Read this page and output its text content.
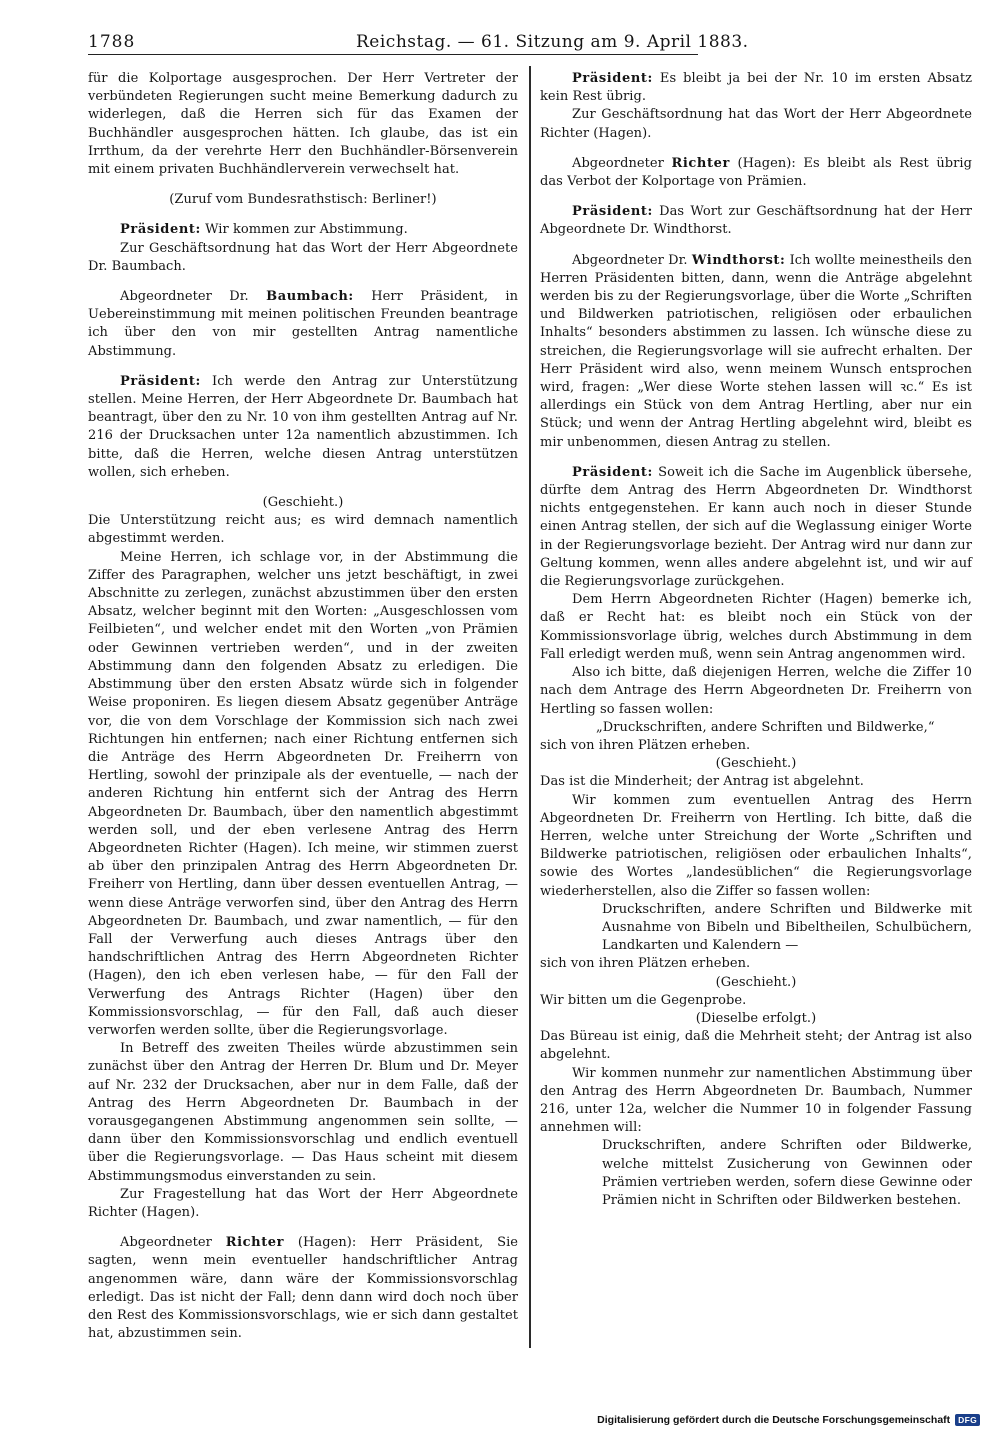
1788	Reichstag. — 61. Sitzung am 9. April 1883.

für die Kolportage ausgesprochen. Der Herr Vertreter der verbündeten Regierungen sucht meine Bemerkung dadurch zu widerlegen, daß die Herren sich für das Examen der Buchhändler ausgesprochen hätten. Ich glaube, das ist ein Irrthum, da der verehrte Herr den Buchhändler-Börsenverein mit einem privaten Buchhändlerverein verwechselt hat.

(Zuruf vom Bundesrathstisch: Berliner!)

Präsident: Wir kommen zur Abstimmung.

Zur Geschäftsordnung hat das Wort der Herr Abgeordnete Dr. Baumbach.

Abgeordneter Dr. Baumbach: Herr Präsident, in Uebereinstimmung mit meinen politischen Freunden beantrage ich über den von mir gestellten Antrag namentliche Abstimmung.

Präsident: Ich werde den Antrag zur Unterstützung stellen. Meine Herren, der Herr Abgeordnete Dr. Baumbach hat beantragt, über den zu Nr. 10 von ihm gestellten Antrag auf Nr. 216 der Drucksachen unter 12a namentlich abzustimmen. Ich bitte, daß die Herren, welche diesen Antrag unterstützen wollen, sich erheben.

(Geschieht.)

Die Unterstützung reicht aus; es wird demnach namentlich abgestimmt werden.

Meine Herren, ich schlage vor, in der Abstimmung die Ziffer des Paragraphen, welcher uns jetzt beschäftigt, in zwei Abschnitte zu zerlegen, zunächst abzustimmen über den ersten Absatz, welcher beginnt mit den Worten: „Ausgeschlossen vom Feilbieten“, und welcher endet mit den Worten „von Prämien oder Gewinnen vertrieben werden“, und in der zweiten Abstimmung dann den folgenden Absatz zu erledigen. Die Abstimmung über den ersten Absatz würde sich in folgender Weise proponiren. Es liegen diesem Absatz gegenüber Anträge vor, die von dem Vorschlage der Kommission sich nach zwei Richtungen hin entfernen; nach einer Richtung entfernen sich die Anträge des Herrn Abgeordneten Dr. Freiherrn von Hertling, sowohl der prinzipale als der eventuelle, — nach der anderen Richtung hin entfernt sich der Antrag des Herrn Abgeordneten Dr. Baumbach, über den namentlich abgestimmt werden soll, und der eben verlesene Antrag des Herrn Abgeordneten Richter (Hagen). Ich meine, wir stimmen zuerst ab über den prinzipalen Antrag des Herrn Abgeordneten Dr. Freiherr von Hertling, dann über dessen eventuellen Antrag, — wenn diese Anträge verworfen sind, über den Antrag des Herrn Abgeordneten Dr. Baumbach, und zwar namentlich, — für den Fall der Verwerfung auch dieses Antrags über den handschriftlichen Antrag des Herrn Abgeordneten Richter (Hagen), den ich eben verlesen habe, — für den Fall der Verwerfung des Antrags Richter (Hagen) über den Kommissionsvorschlag, — für den Fall, daß auch dieser verworfen werden sollte, über die Regierungsvorlage.

In Betreff des zweiten Theiles würde abzustimmen sein zunächst über den Antrag der Herren Dr. Blum und Dr. Meyer auf Nr. 232 der Drucksachen, aber nur in dem Falle, daß der Antrag des Herrn Abgeordneten Dr. Baumbach in der vorausgegangenen Abstimmung angenommen sein sollte, — dann über den Kommissionsvorschlag und endlich eventuell über die Regierungsvorlage. — Das Haus scheint mit diesem Abstimmungsmodus einverstanden zu sein.

Zur Fragestellung hat das Wort der Herr Abgeordnete Richter (Hagen).

Abgeordneter Richter (Hagen): Herr Präsident, Sie sagten, wenn mein eventueller handschriftlicher Antrag angenommen wäre, dann wäre der Kommissionsvorschlag erledigt. Das ist nicht der Fall; denn dann wird doch noch über den Rest des Kommissionsvorschlags, wie er sich dann gestaltet hat, abzustimmen sein.

Präsident: Es bleibt ja bei der Nr. 10 im ersten Absatz kein Rest übrig.

Zur Geschäftsordnung hat das Wort der Herr Abgeordnete Richter (Hagen).

Abgeordneter Richter (Hagen): Es bleibt als Rest übrig das Verbot der Kolportage von Prämien.

Präsident: Das Wort zur Geschäftsordnung hat der Herr Abgeordnete Dr. Windthorst.

Abgeordneter Dr. Windthorst: Ich wollte meinestheils den Herren Präsidenten bitten, dann, wenn die Anträge abgelehnt werden bis zu der Regierungsvorlage, über die Worte „Schriften und Bildwerken patriotischen, religiösen oder erbaulichen Inhalts“ besonders abstimmen zu lassen. Ich wünsche diese zu streichen, die Regierungsvorlage will sie aufrecht erhalten. Der Herr Präsident wird also, wenn meinem Wunsch entsprochen wird, fragen: „Wer diese Worte stehen lassen will ꝛc.“ Es ist allerdings ein Stück von dem Antrag Hertling, aber nur ein Stück; und wenn der Antrag Hertling abgelehnt wird, bleibt es mir unbenommen, diesen Antrag zu stellen.

Präsident: Soweit ich die Sache im Augenblick übersehe, dürfte dem Antrag des Herrn Abgeordneten Dr. Windthorst nichts entgegenstehen. Er kann auch noch in dieser Stunde einen Antrag stellen, der sich auf die Weglassung einiger Worte in der Regierungsvorlage bezieht. Der Antrag wird nur dann zur Geltung kommen, wenn alles andere abgelehnt ist, und wir auf die Regierungsvorlage zurückgehen.

Dem Herrn Abgeordneten Richter (Hagen) bemerke ich, daß er Recht hat: es bleibt noch ein Stück von der Kommissionsvorlage übrig, welches durch Abstimmung in dem Fall erledigt werden muß, wenn sein Antrag angenommen wird.

Also ich bitte, daß diejenigen Herren, welche die Ziffer 10 nach dem Antrage des Herrn Abgeordneten Dr. Freiherrn von Hertling so fassen wollen:

„Druckschriften, andere Schriften und Bildwerke,“

sich von ihren Plätzen erheben.

(Geschieht.)

Das ist die Minderheit; der Antrag ist abgelehnt.

Wir kommen zum eventuellen Antrag des Herrn Abgeordneten Dr. Freiherrn von Hertling. Ich bitte, daß die Herren, welche unter Streichung der Worte „Schriften und Bildwerke patriotischen, religiösen oder erbaulichen Inhalts“, sowie des Wortes „landesüblichen“ die Regierungsvorlage wiederherstellen, also die Ziffer so fassen wollen:

Druckschriften, andere Schriften und Bildwerke mit Ausnahme von Bibeln und Bibeltheilen, Schulbüchern, Landkarten und Kalendern —

sich von ihren Plätzen erheben.

(Geschieht.)

Wir bitten um die Gegenprobe.

(Dieselbe erfolgt.)

Das Büreau ist einig, daß die Mehrheit steht; der Antrag ist also abgelehnt.

Wir kommen nunmehr zur namentlichen Abstimmung über den Antrag des Herrn Abgeordneten Dr. Baumbach, Nummer 216, unter 12a, welcher die Nummer 10 in folgender Fassung annehmen will:

Druckschriften, andere Schriften oder Bildwerke, welche mittelst Zusicherung von Gewinnen oder Prämien vertrieben werden, sofern diese Gewinne oder Prämien nicht in Schriften oder Bildwerken bestehen.

Digitalisierung gefördert durch die Deutsche Forschungsgemeinschaft DFG
